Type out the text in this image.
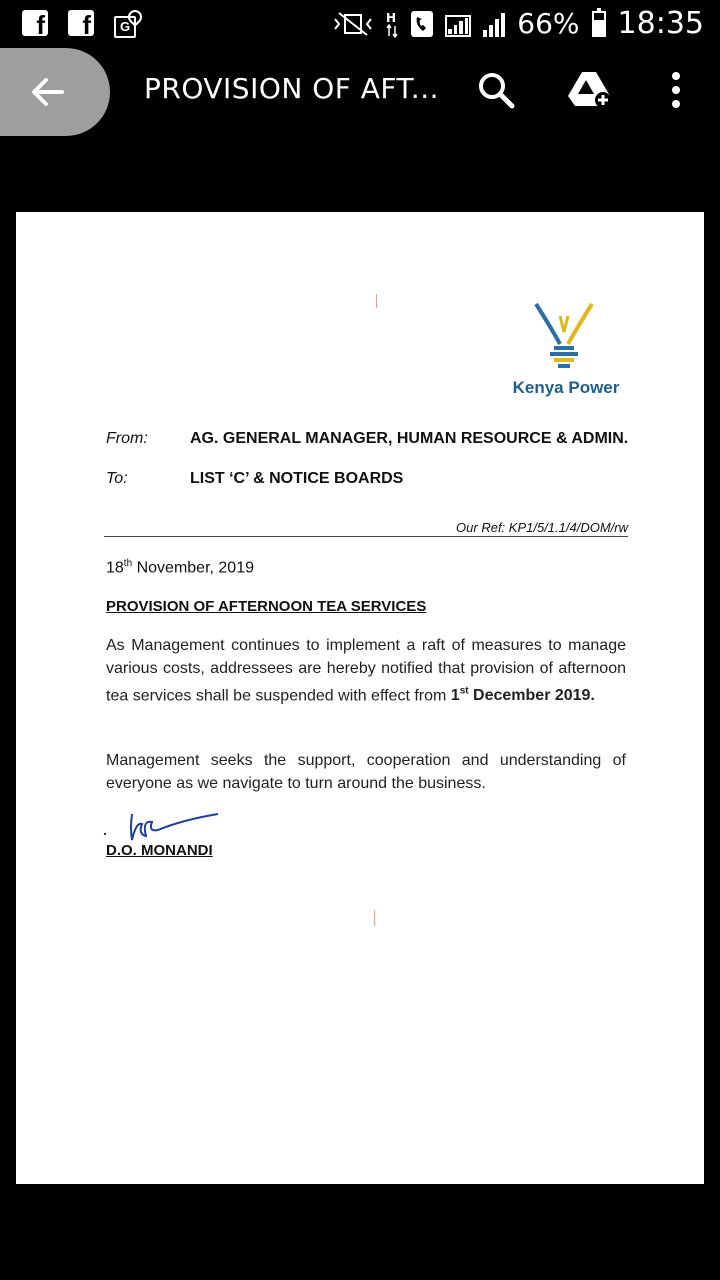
f f	G
H	66% 18:35
PROVISION OF AFT...
Kenya Power
From:	AG. GENERAL MANAGER, HUMAN RESOURCE & ADMIN.
To:	LIST ‘C’ & NOTICE BOARDS
Our Ref: KP1/5/1.1/4/DOM/rw
18th November, 2019
PROVISION OF AFTERNOON TEA SERVICES
As Management continues to implement a raft of measures to manage various costs, addressees are hereby notified that provision of afternoon tea services shall be suspended with effect from 1st December 2019.
Management seeks the support, cooperation and understanding of everyone as we navigate to turn around the business.
D.O. MONANDI
